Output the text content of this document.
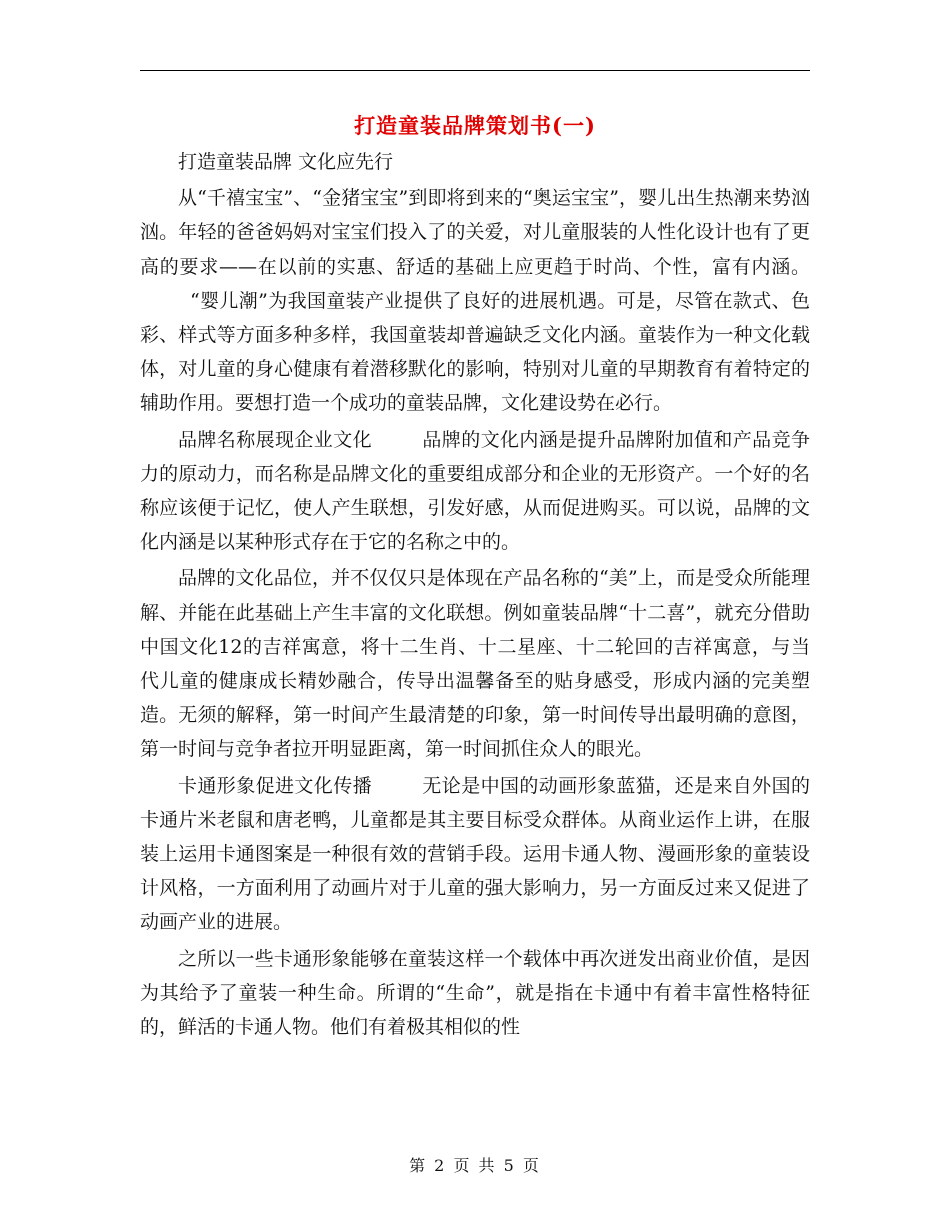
打造童装品牌策划书(一)

打造童装品牌 文化应先行

从“千禧宝宝”、“金猪宝宝”到即将到来的“奥运宝宝”，婴儿出生热潮来势汹汹。年轻的爸爸妈妈对宝宝们投入了的关爱，对儿童服装的人性化设计也有了更高的要求——在以前的实惠、舒适的基础上应更趋于时尚、个性，富有内涵。“婴儿潮”为我国童装产业提供了良好的进展机遇。可是，尽管在款式、色彩、样式等方面多种多样，我国童装却普遍缺乏文化内涵。童装作为一种文化载体，对儿童的身心健康有着潜移默化的影响，特别对儿童的早期教育有着特定的辅助作用。要想打造一个成功的童装品牌，文化建设势在必行。

品牌名称展现企业文化	品牌的文化内涵是提升品牌附加值和产品竞争力的原动力，而名称是品牌文化的重要组成部分和企业的无形资产。一个好的名称应该便于记忆，使人产生联想，引发好感，从而促进购买。可以说，品牌的文化内涵是以某种形式存在于它的名称之中的。

品牌的文化品位，并不仅仅只是体现在产品名称的“美”上，而是受众所能理解、并能在此基础上产生丰富的文化联想。例如童装品牌“十二喜”，就充分借助中国文化12的吉祥寓意，将十二生肖、十二星座、十二轮回的吉祥寓意，与当代儿童的健康成长精妙融合，传导出温馨备至的贴身感受，形成内涵的完美塑造。无须的解释，第一时间产生最清楚的印象，第一时间传导出最明确的意图，第一时间与竞争者拉开明显距离，第一时间抓住众人的眼光。

卡通形象促进文化传播	无论是中国的动画形象蓝猫，还是来自外国的卡通片米老鼠和唐老鸭，儿童都是其主要目标受众群体。从商业运作上讲，在服装上运用卡通图案是一种很有效的营销手段。运用卡通人物、漫画形象的童装设计风格，一方面利用了动画片对于儿童的强大影响力，另一方面反过来又促进了动画产业的进展。

之所以一些卡通形象能够在童装这样一个载体中再次迸发出商业价值，是因为其给予了童装一种生命。所谓的“生命”，就是指在卡通中有着丰富性格特征的，鲜活的卡通人物。他们有着极其相似的性

第 2 页 共 5 页
